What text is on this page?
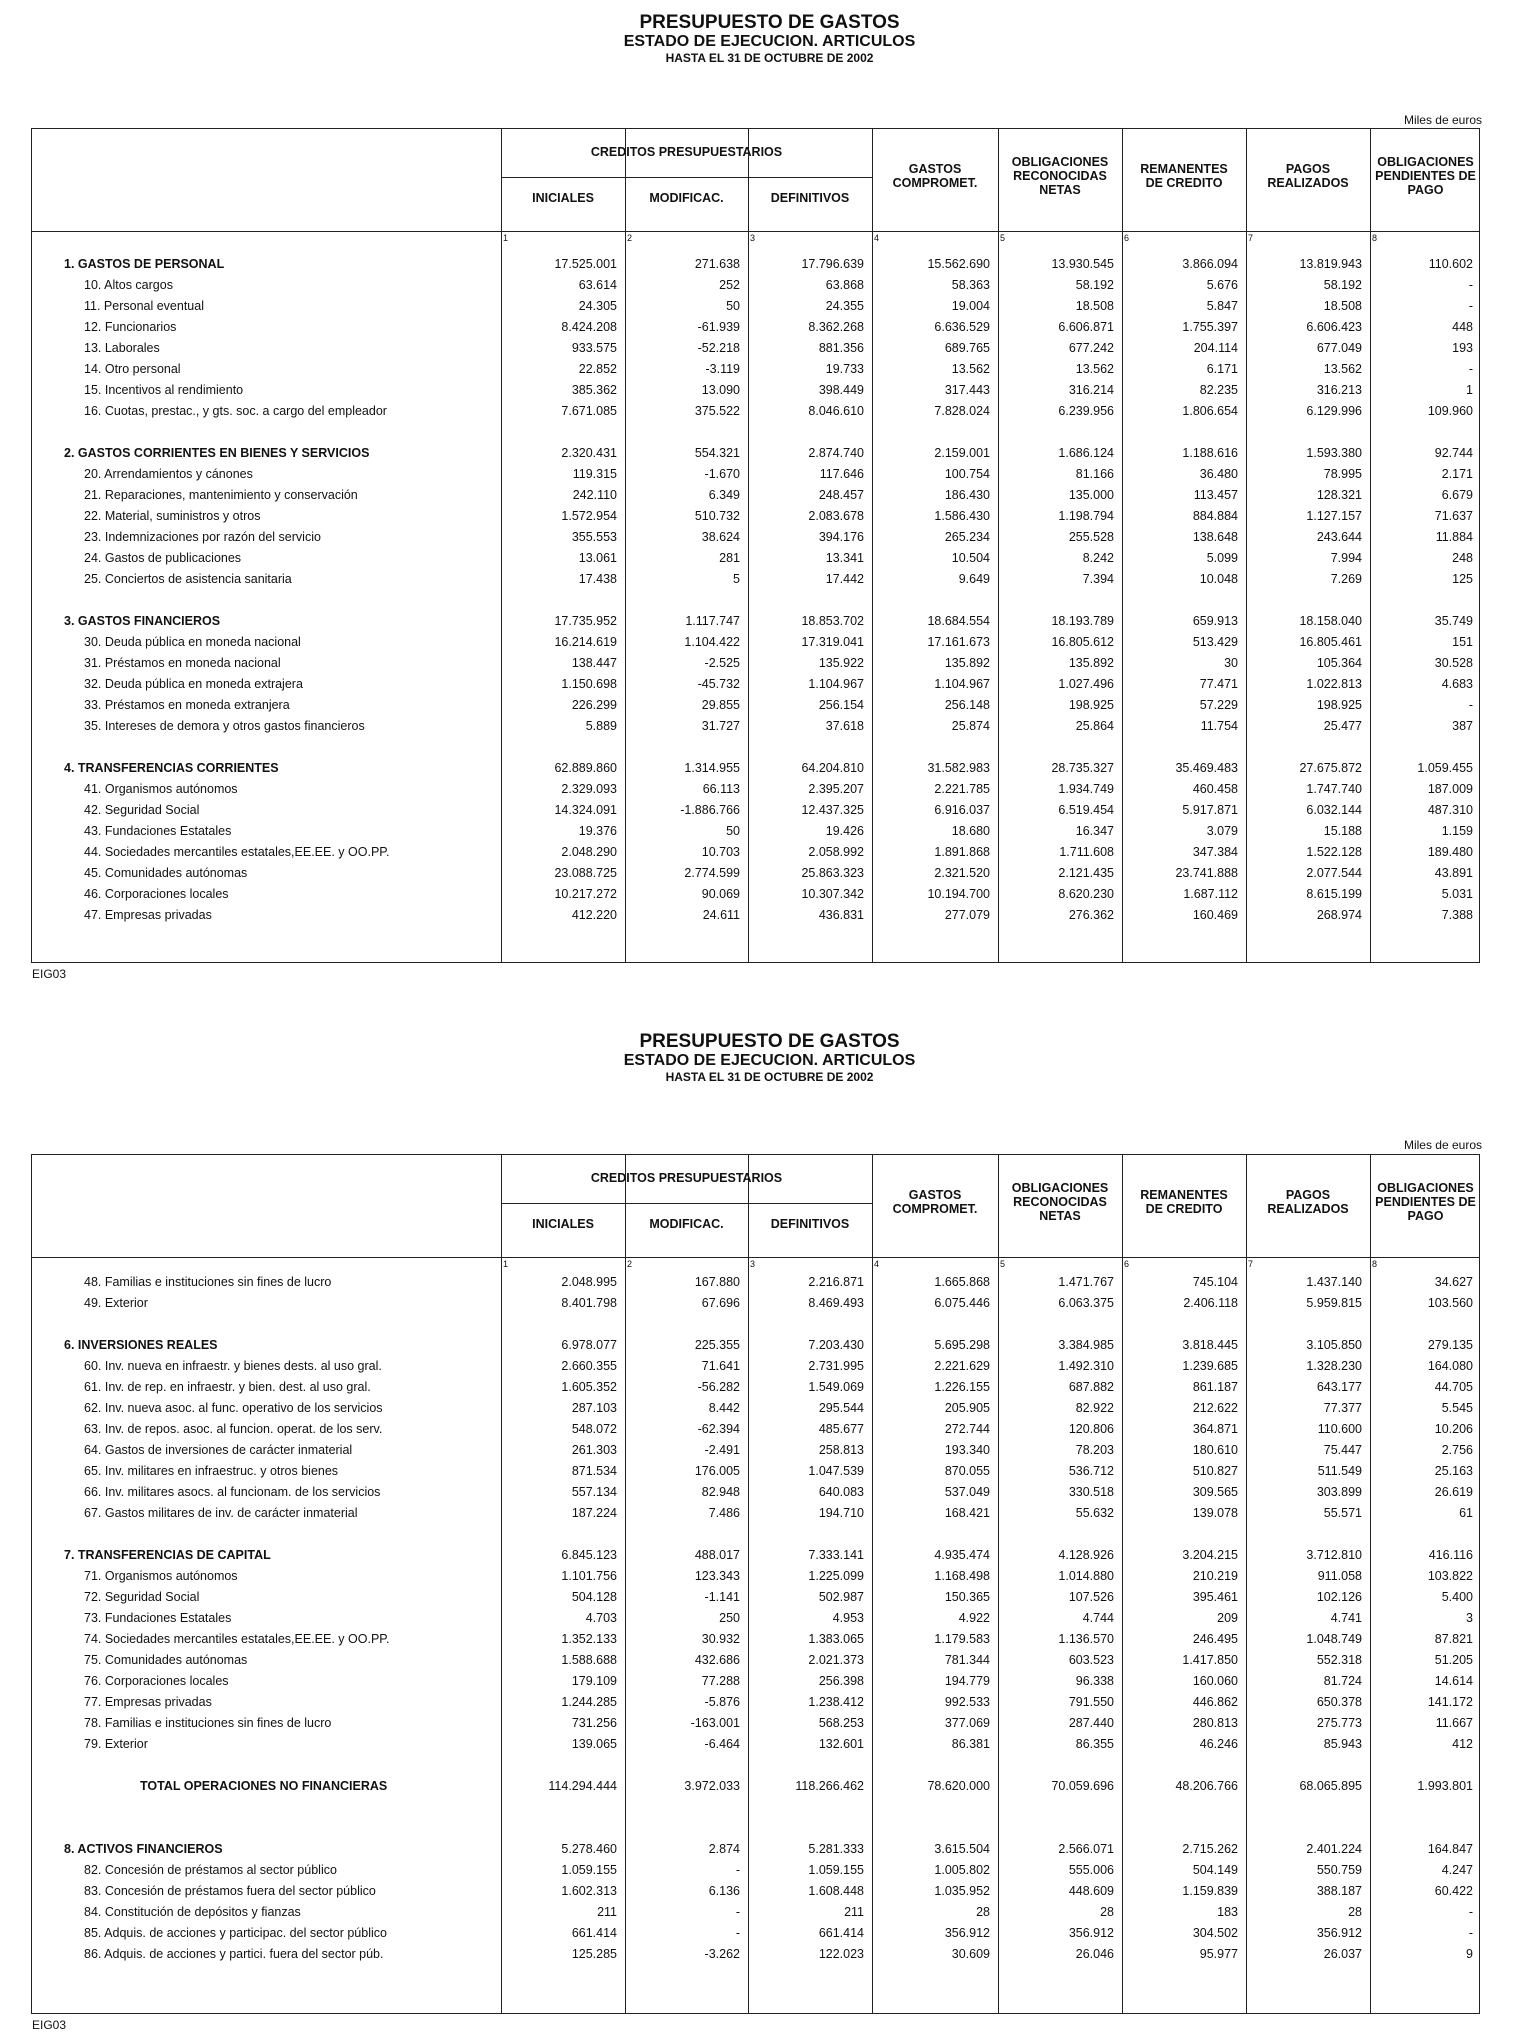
PRESUPUESTO DE GASTOS
ESTADO DE EJECUCION. ARTICULOS
HASTA EL 31 DE OCTUBRE DE 2002
Miles de euros
CREDITOS PRESUPUESTARIOS
INICIALES	MODIFICAC.	DEFINITIVOS
GASTOS
COMPROMET.
OBLIGACIONES
RECONOCIDAS
NETAS
REMANENTES
DE CREDITO
PAGOS
REALIZADOS
OBLIGACIONES
PENDIENTES DE
PAGO
1	2	3	4	5	6	7	8
1. GASTOS DE PERSONAL	17.525.001	271.638	17.796.639	15.562.690	13.930.545	3.866.094	13.819.943	110.602
10. Altos cargos	63.614	252	63.868	58.363	58.192	5.676	58.192	-
11. Personal eventual	24.305	50	24.355	19.004	18.508	5.847	18.508	-
12. Funcionarios	8.424.208	-61.939	8.362.268	6.636.529	6.606.871	1.755.397	6.606.423	448
13. Laborales	933.575	-52.218	881.356	689.765	677.242	204.114	677.049	193
14. Otro personal	22.852	-3.119	19.733	13.562	13.562	6.171	13.562	-
15. Incentivos al rendimiento	385.362	13.090	398.449	317.443	316.214	82.235	316.213	1
16. Cuotas, prestac., y gts. soc. a cargo del empleador	7.671.085	375.522	8.046.610	7.828.024	6.239.956	1.806.654	6.129.996	109.960
2. GASTOS CORRIENTES EN BIENES Y SERVICIOS	2.320.431	554.321	2.874.740	2.159.001	1.686.124	1.188.616	1.593.380	92.744
20. Arrendamientos y cánones	119.315	-1.670	117.646	100.754	81.166	36.480	78.995	2.171
21. Reparaciones, mantenimiento y conservación	242.110	6.349	248.457	186.430	135.000	113.457	128.321	6.679
22. Material, suministros y otros	1.572.954	510.732	2.083.678	1.586.430	1.198.794	884.884	1.127.157	71.637
23. Indemnizaciones por razón del servicio	355.553	38.624	394.176	265.234	255.528	138.648	243.644	11.884
24. Gastos de publicaciones	13.061	281	13.341	10.504	8.242	5.099	7.994	248
25. Conciertos de asistencia sanitaria	17.438	5	17.442	9.649	7.394	10.048	7.269	125
3. GASTOS FINANCIEROS	17.735.952	1.117.747	18.853.702	18.684.554	18.193.789	659.913	18.158.040	35.749
30. Deuda pública en moneda nacional	16.214.619	1.104.422	17.319.041	17.161.673	16.805.612	513.429	16.805.461	151
31. Préstamos en moneda nacional	138.447	-2.525	135.922	135.892	135.892	30	105.364	30.528
32. Deuda pública en moneda extrajera	1.150.698	-45.732	1.104.967	1.104.967	1.027.496	77.471	1.022.813	4.683
33. Préstamos en moneda extranjera	226.299	29.855	256.154	256.148	198.925	57.229	198.925	-
35. Intereses de demora y otros gastos financieros	5.889	31.727	37.618	25.874	25.864	11.754	25.477	387
4. TRANSFERENCIAS CORRIENTES	62.889.860	1.314.955	64.204.810	31.582.983	28.735.327	35.469.483	27.675.872	1.059.455
41. Organismos autónomos	2.329.093	66.113	2.395.207	2.221.785	1.934.749	460.458	1.747.740	187.009
42. Seguridad Social	14.324.091	-1.886.766	12.437.325	6.916.037	6.519.454	5.917.871	6.032.144	487.310
43. Fundaciones Estatales	19.376	50	19.426	18.680	16.347	3.079	15.188	1.159
44. Sociedades mercantiles estatales,EE.EE. y OO.PP.	2.048.290	10.703	2.058.992	1.891.868	1.711.608	347.384	1.522.128	189.480
45. Comunidades autónomas	23.088.725	2.774.599	25.863.323	2.321.520	2.121.435	23.741.888	2.077.544	43.891
46. Corporaciones locales	10.217.272	90.069	10.307.342	10.194.700	8.620.230	1.687.112	8.615.199	5.031
47. Empresas privadas	412.220	24.611	436.831	277.079	276.362	160.469	268.974	7.388
EIG03
PRESUPUESTO DE GASTOS
ESTADO DE EJECUCION. ARTICULOS
HASTA EL 31 DE OCTUBRE DE 2002
Miles de euros
CREDITOS PRESUPUESTARIOS
INICIALES	MODIFICAC.	DEFINITIVOS
GASTOS
COMPROMET.
OBLIGACIONES
RECONOCIDAS
NETAS
REMANENTES
DE CREDITO
PAGOS
REALIZADOS
OBLIGACIONES
PENDIENTES DE
PAGO
1	2	3	4	5	6	7	8
48. Familias e instituciones sin fines de lucro	2.048.995	167.880	2.216.871	1.665.868	1.471.767	745.104	1.437.140	34.627
49. Exterior	8.401.798	67.696	8.469.493	6.075.446	6.063.375	2.406.118	5.959.815	103.560
6. INVERSIONES REALES	6.978.077	225.355	7.203.430	5.695.298	3.384.985	3.818.445	3.105.850	279.135
60. Inv. nueva en infraestr. y bienes dests. al uso gral.	2.660.355	71.641	2.731.995	2.221.629	1.492.310	1.239.685	1.328.230	164.080
61. Inv. de rep. en infraestr. y bien. dest. al uso gral.	1.605.352	-56.282	1.549.069	1.226.155	687.882	861.187	643.177	44.705
62. Inv. nueva asoc. al func. operativo de los servicios	287.103	8.442	295.544	205.905	82.922	212.622	77.377	5.545
63. Inv. de repos. asoc. al funcion. operat. de los serv.	548.072	-62.394	485.677	272.744	120.806	364.871	110.600	10.206
64. Gastos de inversiones de carácter inmaterial	261.303	-2.491	258.813	193.340	78.203	180.610	75.447	2.756
65. Inv. militares en infraestruc. y otros bienes	871.534	176.005	1.047.539	870.055	536.712	510.827	511.549	25.163
66. Inv. militares asocs. al funcionam. de los servicios	557.134	82.948	640.083	537.049	330.518	309.565	303.899	26.619
67. Gastos militares de inv. de carácter inmaterial	187.224	7.486	194.710	168.421	55.632	139.078	55.571	61
7. TRANSFERENCIAS DE CAPITAL	6.845.123	488.017	7.333.141	4.935.474	4.128.926	3.204.215	3.712.810	416.116
71. Organismos autónomos	1.101.756	123.343	1.225.099	1.168.498	1.014.880	210.219	911.058	103.822
72. Seguridad Social	504.128	-1.141	502.987	150.365	107.526	395.461	102.126	5.400
73. Fundaciones Estatales	4.703	250	4.953	4.922	4.744	209	4.741	3
74. Sociedades mercantiles estatales,EE.EE. y OO.PP.	1.352.133	30.932	1.383.065	1.179.583	1.136.570	246.495	1.048.749	87.821
75. Comunidades autónomas	1.588.688	432.686	2.021.373	781.344	603.523	1.417.850	552.318	51.205
76. Corporaciones locales	179.109	77.288	256.398	194.779	96.338	160.060	81.724	14.614
77. Empresas privadas	1.244.285	-5.876	1.238.412	992.533	791.550	446.862	650.378	141.172
78. Familias e instituciones sin fines de lucro	731.256	-163.001	568.253	377.069	287.440	280.813	275.773	11.667
79. Exterior	139.065	-6.464	132.601	86.381	86.355	46.246	85.943	412
TOTAL OPERACIONES NO FINANCIERAS	114.294.444	3.972.033	118.266.462	78.620.000	70.059.696	48.206.766	68.065.895	1.993.801
8. ACTIVOS FINANCIEROS	5.278.460	2.874	5.281.333	3.615.504	2.566.071	2.715.262	2.401.224	164.847
82. Concesión de préstamos al sector público	1.059.155	-	1.059.155	1.005.802	555.006	504.149	550.759	4.247
83. Concesión de préstamos fuera del sector público	1.602.313	6.136	1.608.448	1.035.952	448.609	1.159.839	388.187	60.422
84. Constitución de depósitos y fianzas	211	-	211	28	28	183	28	-
85. Adquis. de acciones y participac. del sector público	661.414	-	661.414	356.912	356.912	304.502	356.912	-
86. Adquis. de acciones y partici. fuera del sector púb.	125.285	-3.262	122.023	30.609	26.046	95.977	26.037	9
EIG03
